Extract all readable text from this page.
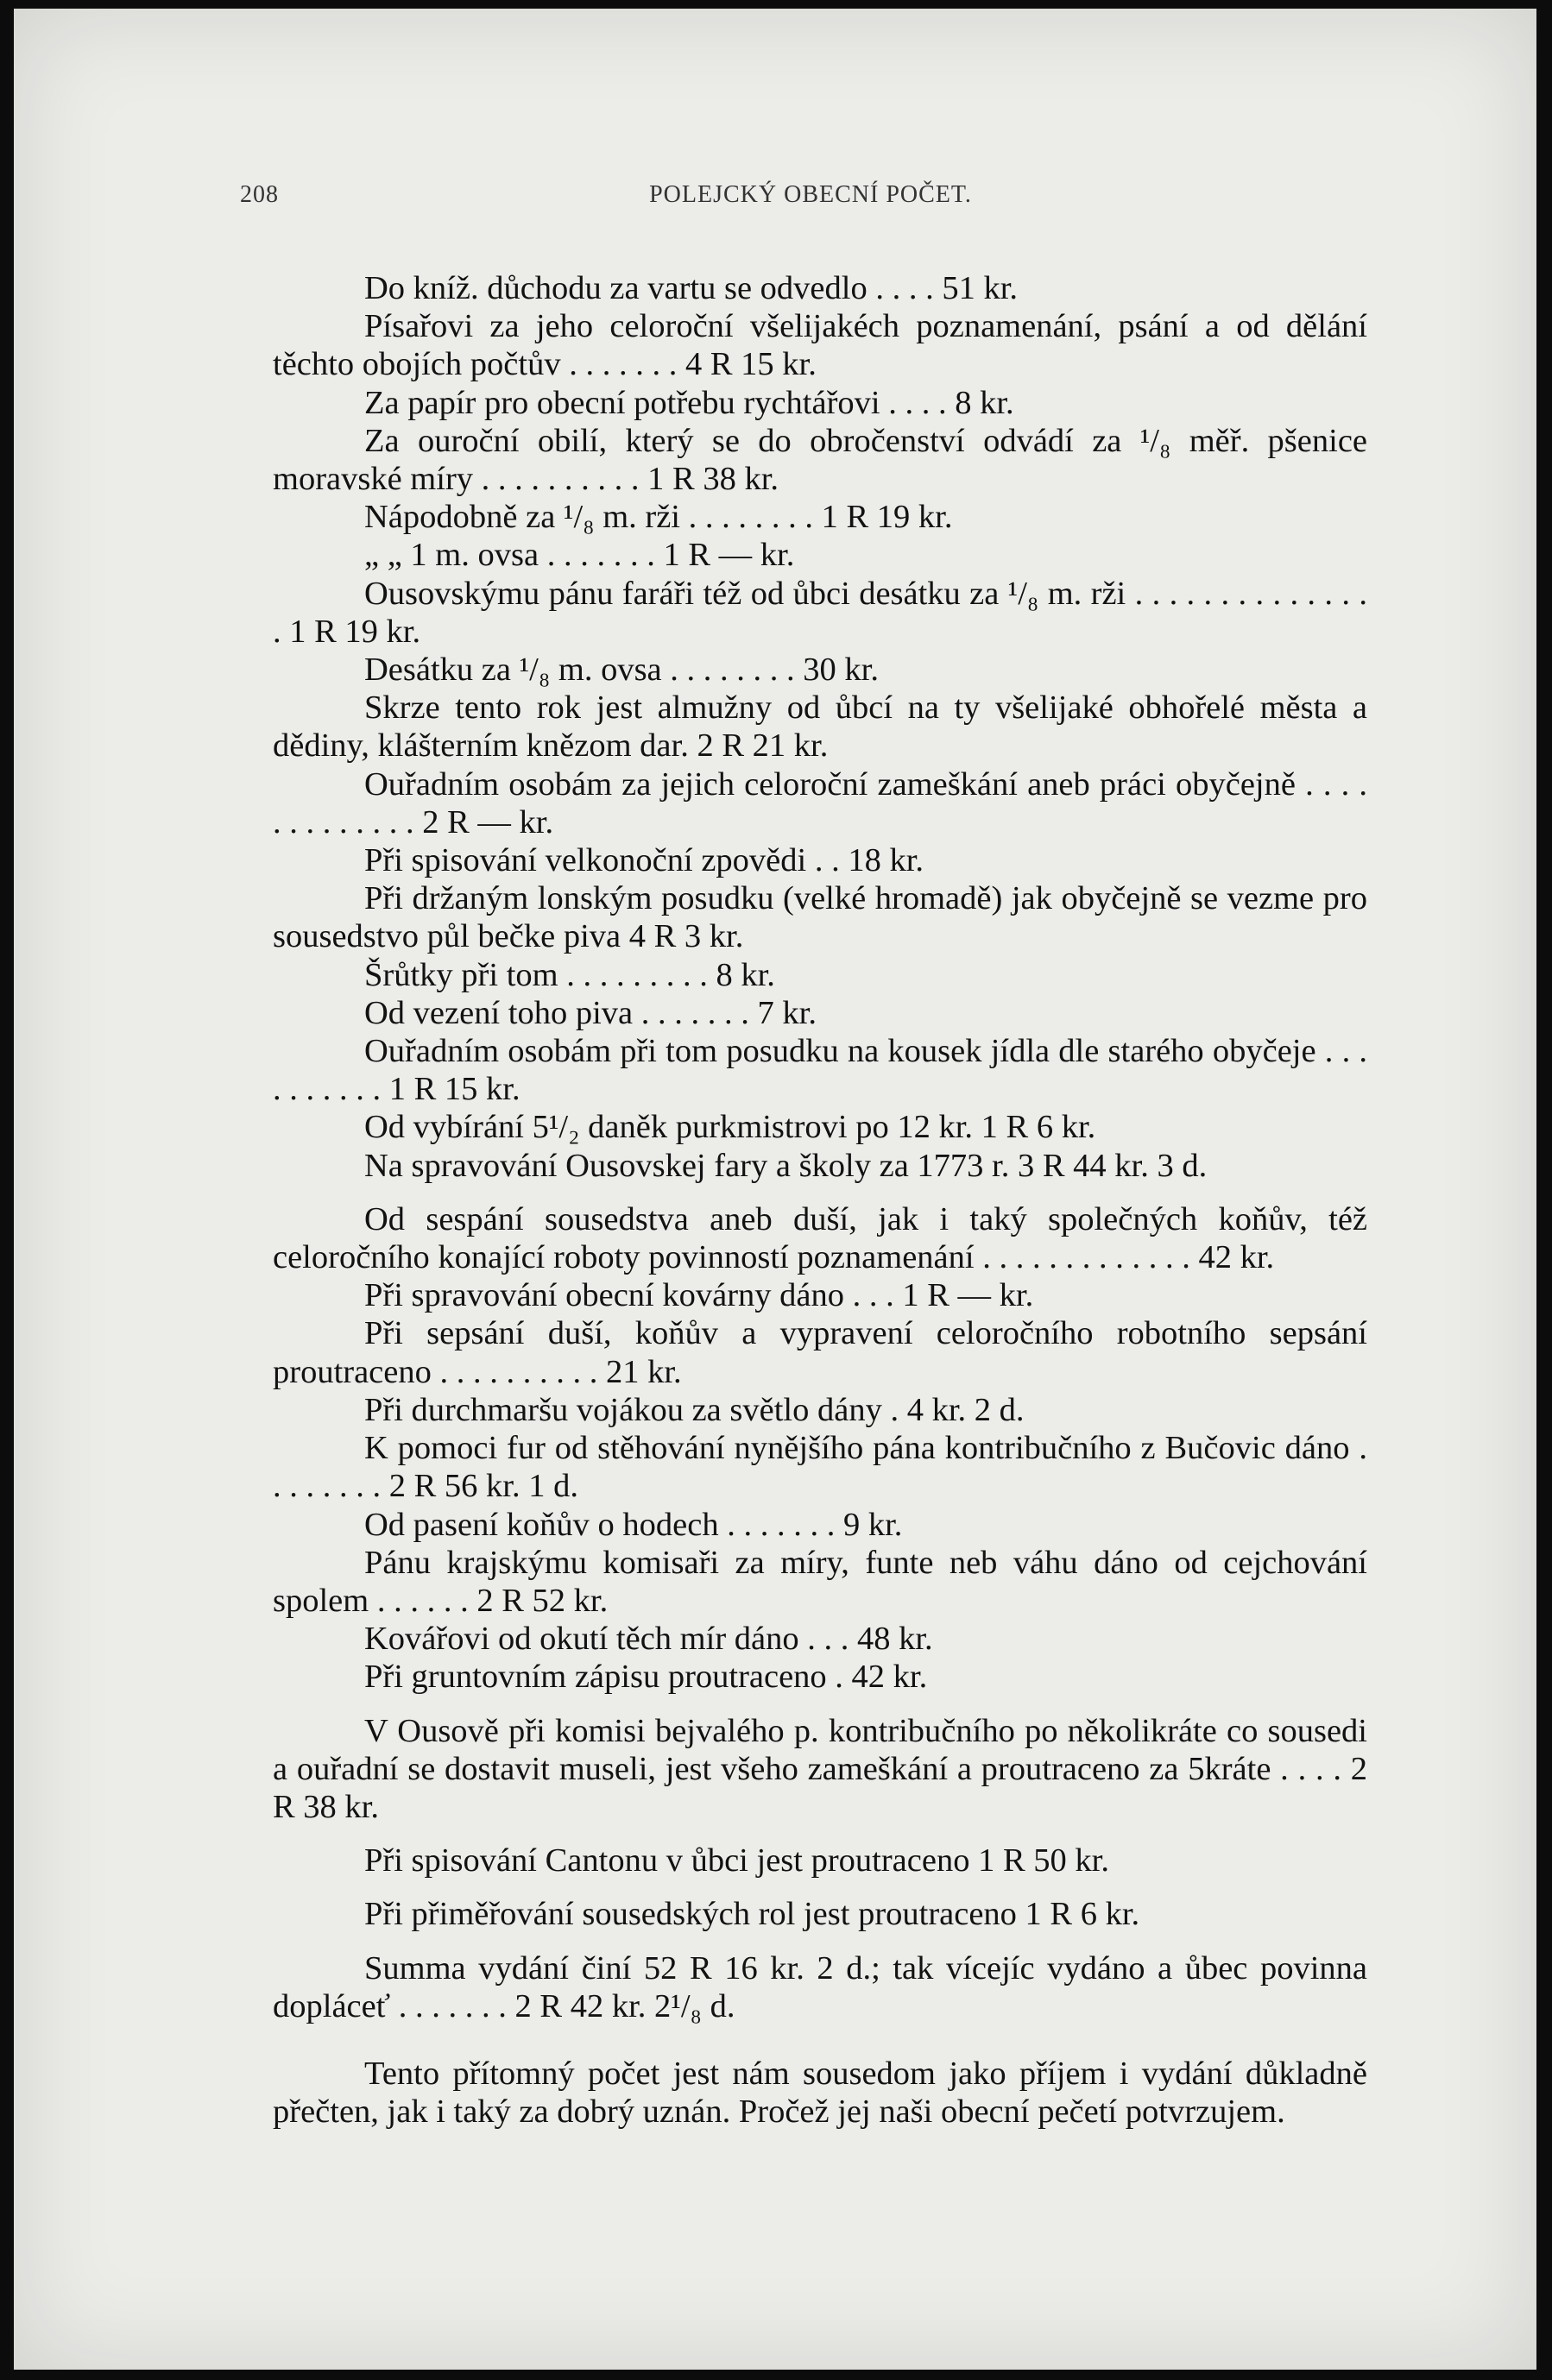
208	POLEJCKÝ OBECNÍ POČET.

Do kníž. důchodu za vartu se odvedlo . . . . 51 kr.

Písařovi za jeho celoroční všelijakéch poznamenání, psání a od dělání těchto obojích počtův . . . . . . . 4 R 15 kr.

Za papír pro obecní potřebu rychtářovi . . . . 8 kr.

Za ouroční obilí, který se do obročenství odvádí za ¹/₈ měř. pšenice moravské míry . . . . . . . . . . 1 R 38 kr.

Nápodobně za ¹/₈ m. rži . . . . . . . . 1 R 19 kr.

„ „ 1 m. ovsa . . . . . . . 1 R — kr.

Ousovskýmu pánu faráři též od ůbci desátku za ¹/₈ m. rži . . . . . . . . . . . . . . . 1 R 19 kr.

Desátku za ¹/₈ m. ovsa . . . . . . . . 30 kr.

Skrze tento rok jest almužny od ůbcí na ty všelijaké obhořelé města a dědiny, klášterním knězom dar. 2 R 21 kr.

Ouřadním osobám za jejich celoroční zameškání aneb práci obyčejně . . . . . . . . . . . . . 2 R — kr.

Při spisování velkonoční zpovědi . . 18 kr.

Při držaným lonským posudku (velké hromadě) jak obyčejně se vezme pro sousedstvo půl bečke piva 4 R 3 kr.

Šrůtky při tom . . . . . . . . . 8 kr.

Od vezení toho piva . . . . . . . 7 kr.

Ouřadním osobám při tom posudku na kousek jídla dle starého obyčeje . . . . . . . . . . 1 R 15 kr.

Od vybírání 5¹/₂ daněk purkmistrovi po 12 kr. 1 R 6 kr.

Na spravování Ousovskej fary a školy za 1773 r. 3 R 44 kr. 3 d.

Od sespání sousedstva aneb duší, jak i taký společných koňův, též celoročního konající roboty povinností poznamenání . . . . . . . . . . . . . 42 kr.

Při spravování obecní kovárny dáno . . . 1 R — kr.

Při sepsání duší, koňův a vypravení celoročního robotního sepsání proutraceno . . . . . . . . . . 21 kr.

Při durchmaršu vojákou za světlo dány . 4 kr. 2 d.

K pomoci fur od stěhování nynějšího pána kontribučního z Bučovic dáno . . . . . . . . 2 R 56 kr. 1 d.

Od pasení koňův o hodech . . . . . . . 9 kr.

Pánu krajskýmu komisaři za míry, funte neb váhu dáno od cejchování spolem . . . . . . 2 R 52 kr.

Kovářovi od okutí těch mír dáno . . . 48 kr.

Při gruntovním zápisu proutraceno . 42 kr.

V Ousově při komisi bejvalého p. kontribučního po několikráte co sousedi a ouřadní se dostavit museli, jest všeho zameškání a proutraceno za 5kráte . . . . 2 R 38 kr.

Při spisování Cantonu v ůbci jest proutraceno 1 R 50 kr.

Při přiměřování sousedských rol jest proutraceno 1 R 6 kr.

Summa vydání činí 52 R 16 kr. 2 d.; tak vícejíc vydáno a ůbec povinna dopláceť . . . . . . . 2 R 42 kr. 2¹/₈ d.

Tento přítomný počet jest nám sousedom jako příjem i vydání důkladně přečten, jak i taký za dobrý uznán. Pročež jej naši obecní pečetí potvrzujem.
